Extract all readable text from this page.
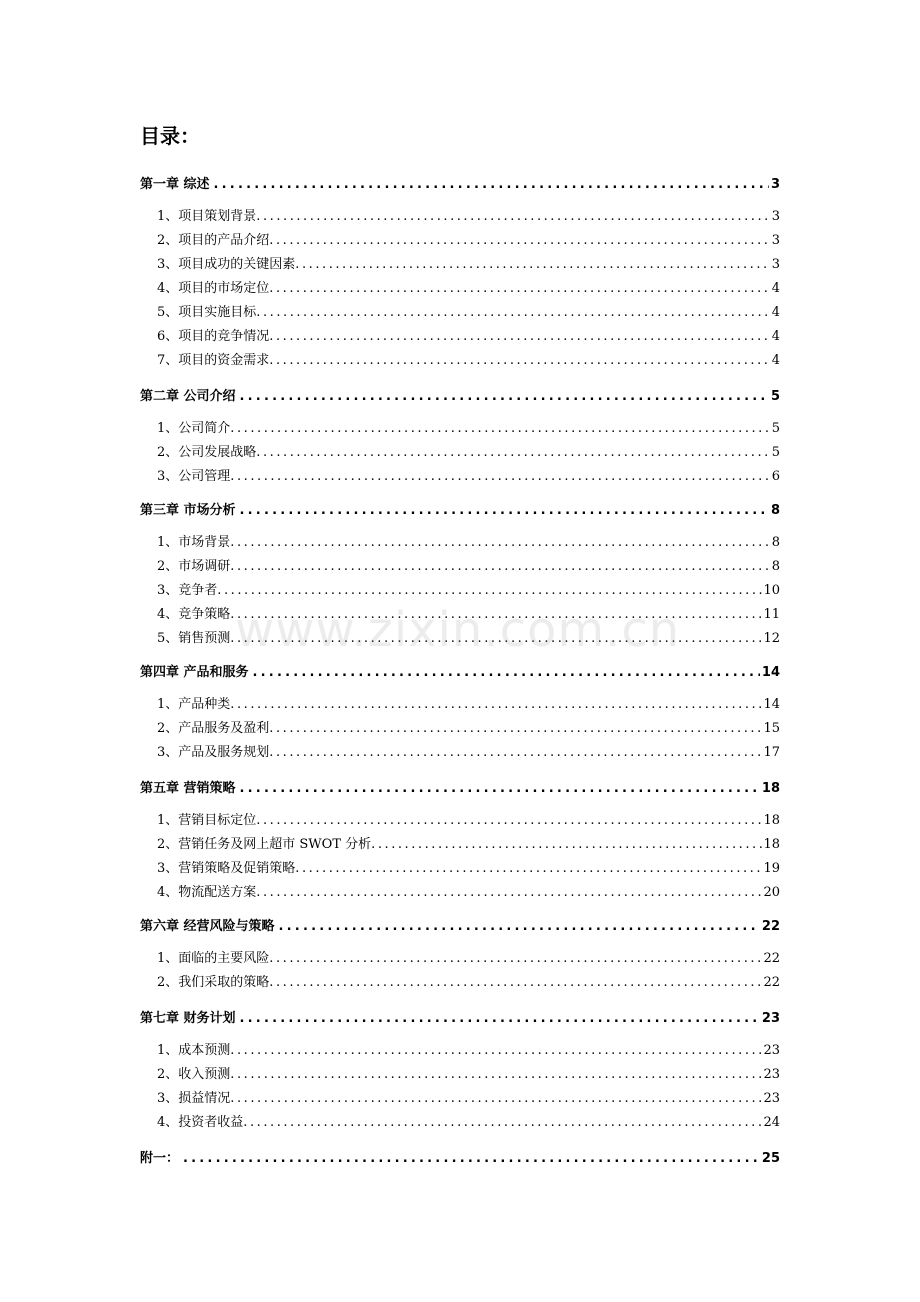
目录：
第一章 综述 .....	3
1、项目策划背景 .....	3
2、项目的产品介绍 .....	3
3、项目成功的关键因素 .....	3
4、项目的市场定位 .....	4
5、项目实施目标 .....	4
6、项目的竞争情况 .....	4
7、项目的资金需求 .....	4
第二章 公司介绍 .....	5
1、公司简介 .....	5
2、公司发展战略 .....	5
3、公司管理 .....	6
第三章 市场分析 .....	8
1、市场背景 .....	8
2、市场调研 .....	8
3、竞争者 .....	10
4、竞争策略 .....	11
5、销售预测 .....	12
第四章 产品和服务 .....	14
1、产品种类 .....	14
2、产品服务及盈利 .....	15
3、产品及服务规划 .....	17
第五章 营销策略 .....	18
1、营销目标定位 .....	18
2、营销任务及网上超市 SWOT 分析 .....	18
3、营销策略及促销策略 .....	19
4、物流配送方案 .....	20
第六章 经营风险与策略 .....	22
1、面临的主要风险 .....	22
2、我们采取的策略 .....	22
第七章 财务计划 .....	23
1、成本预测 .....	23
2、收入预测 .....	23
3、损益情况 .....	23
4、投资者收益 .....	24
附一： .....	25
www.zixin.com.cn
